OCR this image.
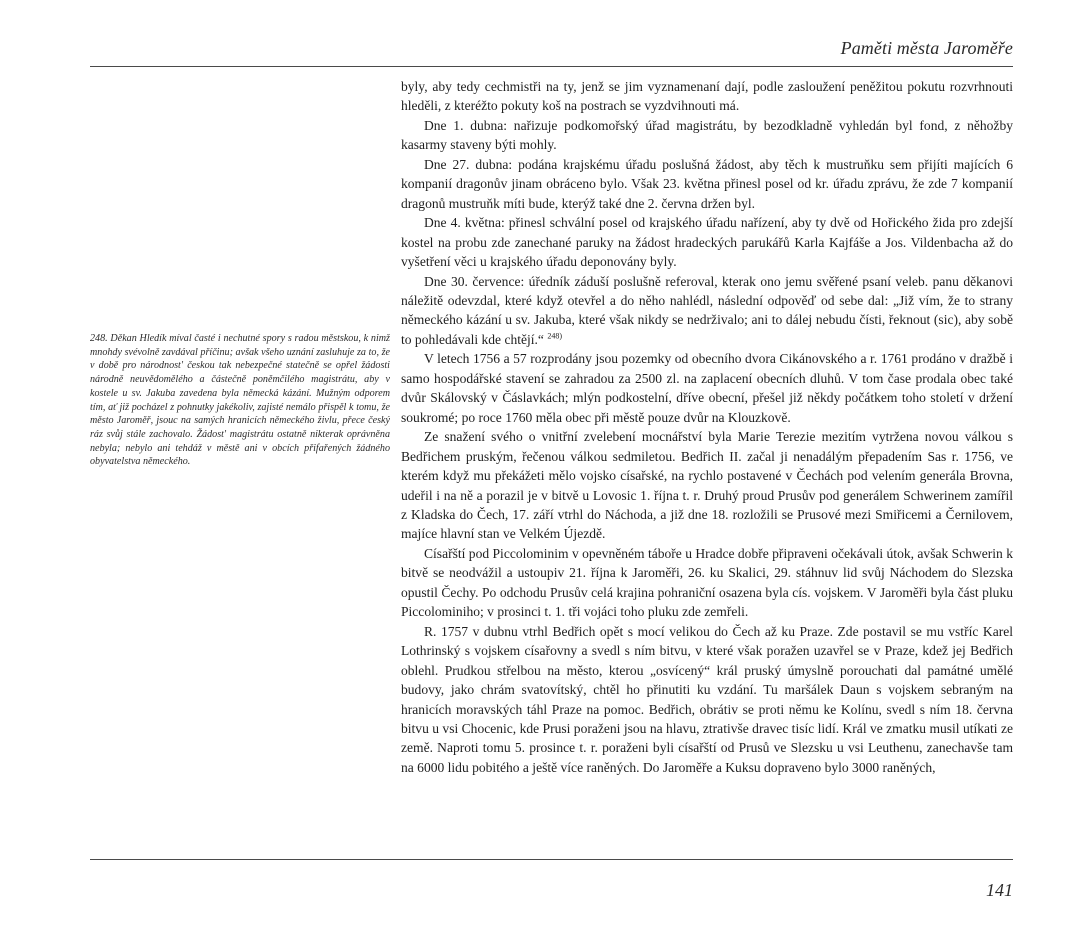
Paměti města Jaroměře

248. Děkan Hledík míval časté i nechutné spory s radou městskou, k nimž mnohdy svévolně zavdával příčinu; avšak všeho uznání zasluhuje za to, že v době pro národnost' českou tak nebezpečné statečně se opřel žádosti národně neuvědomělého a částečně poněmčilého magistrátu, aby v kostele u sv. Jakuba zavedena byla německá kázání. Mužným odporem tím, ať již pocházel z pohnutky jakékoliv, zajisté nemálo přispěl k tomu, že město Jaroměř, jsouc na samých hranicích německého živlu, přece český ráz svůj stále zachovalo. Žádost' magistrátu ostatně nikterak oprávněna nebyla; nebylo ani tehdáž v městě ani v obcích přifařených žádného obyvatelstva německého.

byly, aby tedy cechmistři na ty, jenž se jim vyznamenaní dají, podle zasloužení peněžitou pokutu rozvrhnouti hleděli, z kteréžto pokuty koš na postrach se vyzdvihnouti má.

Dne 1. dubna: nařizuje podkomořský úřad magistrátu, by bezodkladně vyhledán byl fond, z něhožby kasarmy staveny býti mohly.

Dne 27. dubna: podána krajskému úřadu poslušná žádost, aby těch k mustruňku sem přijíti majících 6 kompanií dragonův jinam obráceno bylo. Však 23. května přinesl posel od kr. úřadu zprávu, že zde 7 kompanií dragonů mustruňk míti bude, kterýž také dne 2. června držen byl.

Dne 4. května: přinesl schvální posel od krajského úřadu nařízení, aby ty dvě od Hořického žida pro zdejší kostel na probu zde zanechané paruky na žádost hradeckých parukářů Karla Kajfáše a Jos. Vildenbacha až do vyšetření věci u krajského úřadu deponovány byly.

Dne 30. července: úředník záduší poslušně referoval, kterak ono jemu svěřené psaní veleb. panu děkanovi náležitě odevzdal, které když otevřel a do něho nahlédl, následní odpověď od sebe dal: „Již vím, že to strany německého kázání u sv. Jakuba, které však nikdy se nedrživalo; ani to dálej nebudu čísti, řeknout (sic), aby sobě to pohledávali kde chtějí.“ $^{248)}$

V letech 1756 a 57 rozprodány jsou pozemky od obecního dvora Cikánovského a r. 1761 prodáno v dražbě i samo hospodářské stavení se zahradou za 2500 zl. na zaplacení obecních dluhů. V tom čase prodala obec také dvůr Skálovský v Čáslavkách; mlýn podkostelní, dříve obecní, přešel již někdy počátkem toho století v držení soukromé; po roce 1760 měla obec při městě pouze dvůr na Klouzkově.

Ze snažení svého o vnitřní zvelebení mocnářství byla Marie Terezie mezitím vytržena novou válkou s Bedřichem pruským, řečenou válkou sedmiletou. Bedřich II. začal ji nenadálým přepadením Sas r. 1756, ve kterém když mu překážeti mělo vojsko císařské, na rychlo postavené v Čechách pod velením generála Brovna, udeřil i na ně a porazil je v bitvě u Lovosic 1. října t. r. Druhý proud Prusův pod generálem Schwerinem zamířil z Kladska do Čech, 17. září vtrhl do Náchoda, a již dne 18. rozložili se Prusové mezi Smiřicemi a Černilovem, majíce hlavní stan ve Velkém Újezdě.

Císařští pod Piccolominim v opevněném táboře u Hradce dobře připraveni očekávali útok, avšak Schwerin k bitvě se neodvážil a ustoupiv 21. října k Jaroměři, 26. ku Skalici, 29. stáhnuv lid svůj Náchodem do Slezska opustil Čechy. Po odchodu Prusův celá krajina pohraniční osazena byla cís. vojskem. V Jaroměři byla část pluku Piccolominiho; v prosinci t. 1. tři vojáci toho pluku zde zemřeli.

R. 1757 v dubnu vtrhl Bedřich opět s mocí velikou do Čech až ku Praze. Zde postavil se mu vstříc Karel Lothrinský s vojskem císařovny a svedl s ním bitvu, v které však poražen uzavřel se v Praze, kdež jej Bedřich oblehl. Prudkou střelbou na město, kterou „osvícený“ král pruský úmyslně porouchati dal památné umělé budovy, jako chrám svatovítský, chtěl ho přinutiti ku vzdání. Tu maršálek Daun s vojskem sebraným na hranicích moravských táhl Praze na pomoc. Bedřich, obrátiv se proti němu ke Kolínu, svedl s ním 18. června bitvu u vsi Chocenic, kde Prusi poraženi jsou na hlavu, ztrativše dravec tisíc lidí. Král ve zmatku musil utíkati ze země. Naproti tomu 5. prosince t. r. poraženi byli císařští od Prusů ve Slezsku u vsi Leuthenu, zanechavše tam na 6000 lidu pobitého a ještě více raněných. Do Jaroměře a Kuksu dopraveno bylo 3000 raněných,

141
